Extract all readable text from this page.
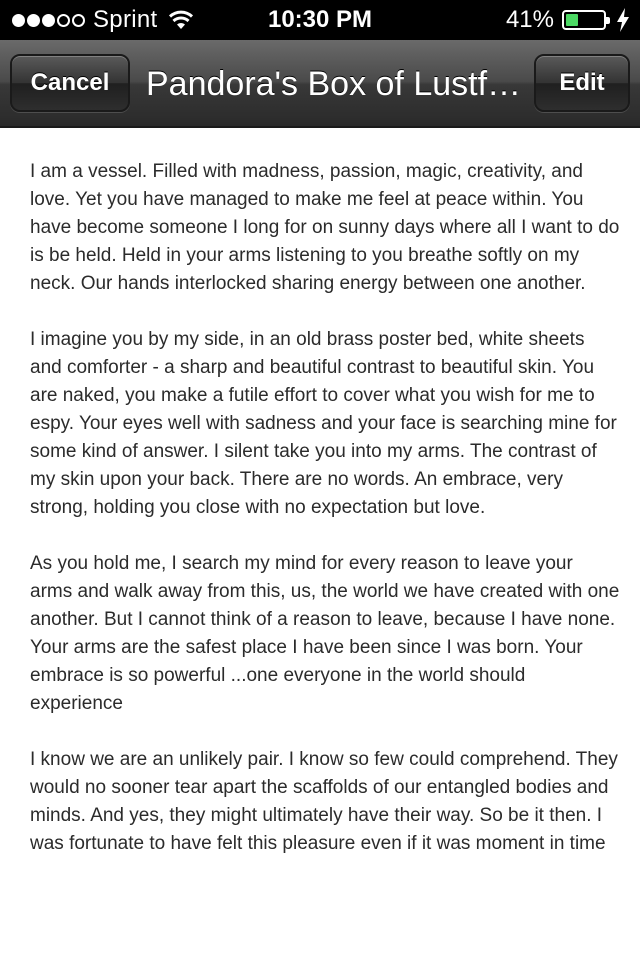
Sprint	10:30 PM	41%
Cancel	Pandora's Box of Lustf…	Edit

I am a vessel. Filled with madness, passion, magic, creativity, and love. Yet you have managed to make me feel at peace within. You have become someone I long for on sunny days where all I want to do is be held. Held in your arms listening to you breathe softly on my neck. Our hands interlocked sharing energy between one another.

I imagine you by my side, in an old brass poster bed, white sheets and comforter - a sharp and beautiful contrast to beautiful skin. You are naked, you make a futile effort to cover what you wish for me to espy. Your eyes well with sadness and your face is searching mine for some kind of answer. I silent take you into my arms. The contrast of my skin upon your back. There are no words. An embrace, very strong, holding you close with no expectation but love.

As you hold me, I search my mind for every reason to leave your arms and walk away from this, us, the world we have created with one another. But I cannot think of a reason to leave, because I have none. Your arms are the safest place I have been since I was born. Your embrace is so powerful ...one everyone in the world should experience

I know we are an unlikely pair. I know so few could comprehend. They would no sooner tear apart the scaffolds of our entangled bodies and minds. And yes, they might ultimately have their way. So be it then. I was fortunate to have felt this pleasure even if it was moment in time
